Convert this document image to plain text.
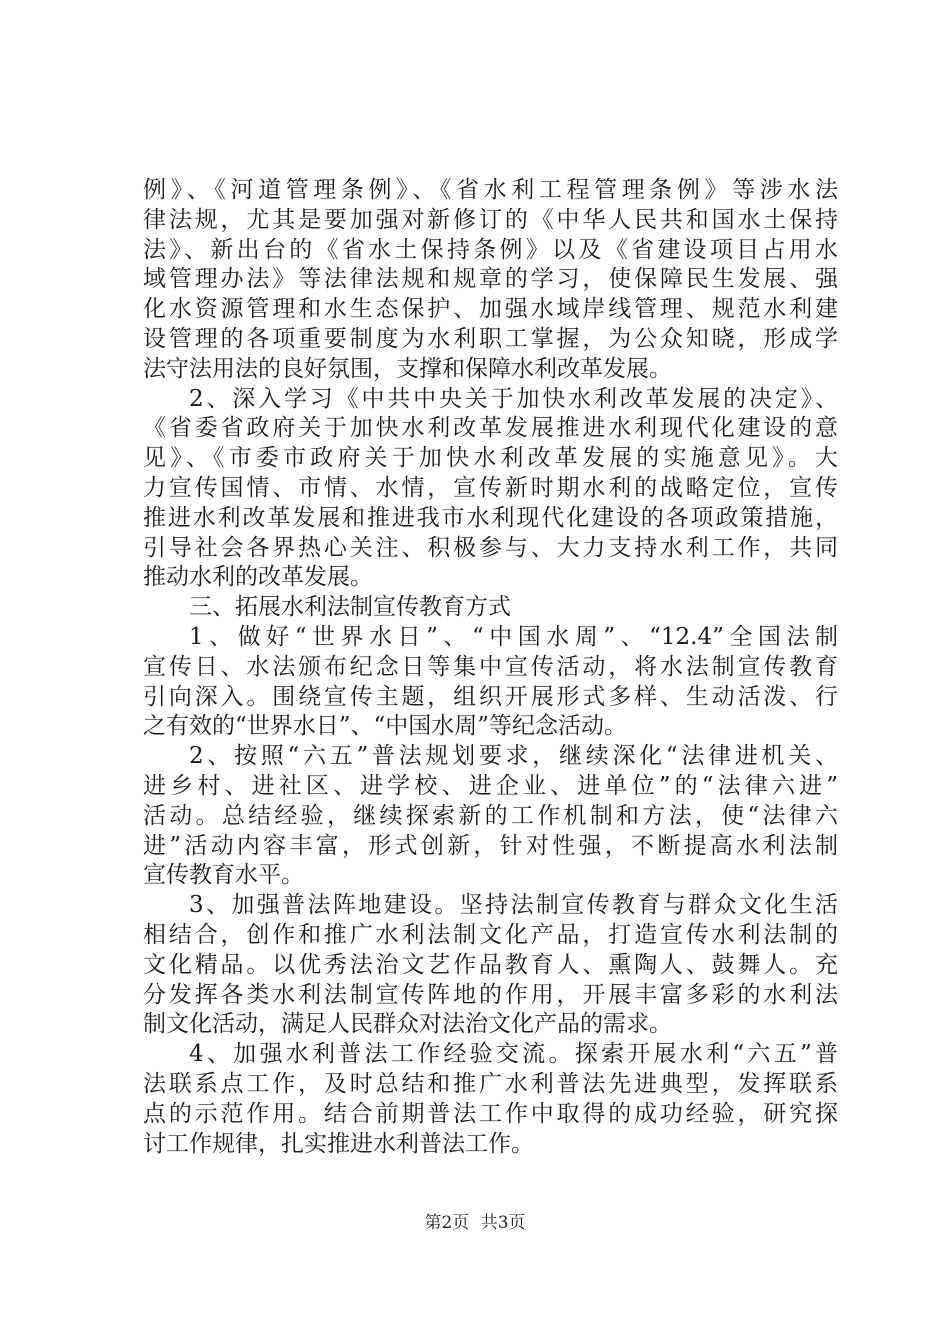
例》、《河道管理条例》、《省水利工程管理条例》等涉水法
律法规，尤其是要加强对新修订的《中华人民共和国水土保持
法》、新出台的《省水土保持条例》以及《省建设项目占用水
域管理办法》等法律法规和规章的学习，使保障民生发展、强
化水资源管理和水生态保护、加强水域岸线管理、规范水利建
设管理的各项重要制度为水利职工掌握，为公众知晓，形成学
法守法用法的良好氛围，支撑和保障水利改革发展。
2、深入学习《中共中央关于加快水利改革发展的决定》、
《省委省政府关于加快水利改革发展推进水利现代化建设的意
见》、《市委市政府关于加快水利改革发展的实施意见》。大
力宣传国情、市情、水情，宣传新时期水利的战略定位，宣传
推进水利改革发展和推进我市水利现代化建设的各项政策措施，
引导社会各界热心关注、积极参与、大力支持水利工作，共同
推动水利的改革发展。
三、拓展水利法制宣传教育方式
1、做好“世界水日”、“中国水周”、“12.4”全国法制
宣传日、水法颁布纪念日等集中宣传活动，将水法制宣传教育
引向深入。围绕宣传主题，组织开展形式多样、生动活泼、行
之有效的“世界水日”、“中国水周”等纪念活动。
2、按照“六五”普法规划要求，继续深化“法律进机关、
进乡村、进社区、进学校、进企业、进单位”的“法律六进”
活动。总结经验，继续探索新的工作机制和方法，使“法律六
进”活动内容丰富，形式创新，针对性强，不断提高水利法制
宣传教育水平。
3、加强普法阵地建设。坚持法制宣传教育与群众文化生活
相结合，创作和推广水利法制文化产品，打造宣传水利法制的
文化精品。以优秀法治文艺作品教育人、熏陶人、鼓舞人。充
分发挥各类水利法制宣传阵地的作用，开展丰富多彩的水利法
制文化活动，满足人民群众对法治文化产品的需求。
4、加强水利普法工作经验交流。探索开展水利“六五”普
法联系点工作，及时总结和推广水利普法先进典型，发挥联系
点的示范作用。结合前期普法工作中取得的成功经验，研究探
讨工作规律，扎实推进水利普法工作。
第2页 共3页
